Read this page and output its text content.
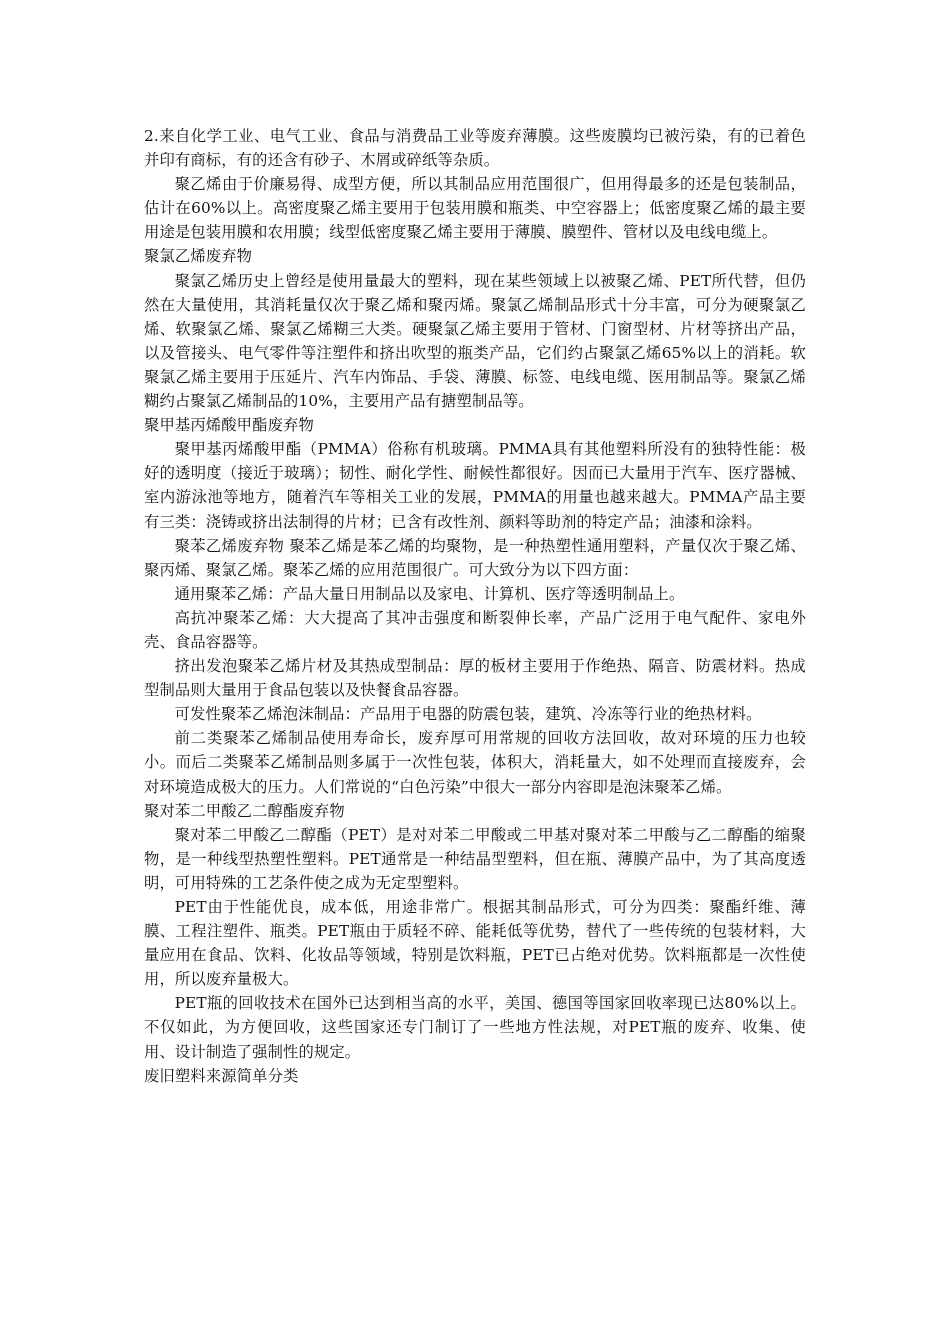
2.来自化学工业、电气工业、食品与消费品工业等废弃薄膜。这些废膜均已被污染，有的已着色并印有商标，有的还含有砂子、木屑或碎纸等杂质。

聚乙烯由于价廉易得、成型方便，所以其制品应用范围很广，但用得最多的还是包装制品，估计在60%以上。高密度聚乙烯主要用于包装用膜和瓶类、中空容器上；低密度聚乙烯的最主要用途是包装用膜和农用膜；线型低密度聚乙烯主要用于薄膜、膜塑件、管材以及电线电缆上。

聚氯乙烯废弃物

聚氯乙烯历史上曾经是使用量最大的塑料，现在某些领域上以被聚乙烯、PET所代替，但仍然在大量使用，其消耗量仅次于聚乙烯和聚丙烯。聚氯乙烯制品形式十分丰富，可分为硬聚氯乙烯、软聚氯乙烯、聚氯乙烯糊三大类。硬聚氯乙烯主要用于管材、门窗型材、片材等挤出产品，以及管接头、电气零件等注塑件和挤出吹型的瓶类产品，它们约占聚氯乙烯65%以上的消耗。软聚氯乙烯主要用于压延片、汽车内饰品、手袋、薄膜、标签、电线电缆、医用制品等。聚氯乙烯糊约占聚氯乙烯制品的10%，主要用产品有搪塑制品等。

聚甲基丙烯酸甲酯废弃物

聚甲基丙烯酸甲酯（PMMA）俗称有机玻璃。PMMA具有其他塑料所没有的独特性能：极好的透明度（接近于玻璃）；韧性、耐化学性、耐候性都很好。因而已大量用于汽车、医疗器械、室内游泳池等地方，随着汽车等相关工业的发展，PMMA的用量也越来越大。PMMA产品主要有三类：浇铸或挤出法制得的片材；已含有改性剂、颜料等助剂的特定产品；油漆和涂料。

聚苯乙烯废弃物 聚苯乙烯是苯乙烯的均聚物，是一种热塑性通用塑料，产量仅次于聚乙烯、聚丙烯、聚氯乙烯。聚苯乙烯的应用范围很广。可大致分为以下四方面：

通用聚苯乙烯：产品大量日用制品以及家电、计算机、医疗等透明制品上。

高抗冲聚苯乙烯：大大提高了其冲击强度和断裂伸长率，产品广泛用于电气配件、家电外壳、食品容器等。

挤出发泡聚苯乙烯片材及其热成型制品：厚的板材主要用于作绝热、隔音、防震材料。热成型制品则大量用于食品包装以及快餐食品容器。

可发性聚苯乙烯泡沫制品：产品用于电器的防震包装，建筑、冷冻等行业的绝热材料。

前二类聚苯乙烯制品使用寿命长，废弃厚可用常规的回收方法回收，故对环境的压力也较小。而后二类聚苯乙烯制品则多属于一次性包装，体积大，消耗量大，如不处理而直接废弃，会对环境造成极大的压力。人们常说的“白色污染”中很大一部分内容即是泡沫聚苯乙烯。

聚对苯二甲酸乙二醇酯废弃物

聚对苯二甲酸乙二醇酯（PET）是对对苯二甲酸或二甲基对聚对苯二甲酸与乙二醇酯的缩聚物，是一种线型热塑性塑料。PET通常是一种结晶型塑料，但在瓶、薄膜产品中，为了其高度透明，可用特殊的工艺条件使之成为无定型塑料。

PET由于性能优良，成本低，用途非常广。根据其制品形式，可分为四类：聚酯纤维、薄膜、工程注塑件、瓶类。PET瓶由于质轻不碎、能耗低等优势，替代了一些传统的包装材料，大量应用在食品、饮料、化妆品等领域，特别是饮料瓶，PET已占绝对优势。饮料瓶都是一次性使用，所以废弃量极大。

PET瓶的回收技术在国外已达到相当高的水平，美国、德国等国家回收率现已达80%以上。不仅如此，为方便回收，这些国家还专门制订了一些地方性法规，对PET瓶的废弃、收集、使用、设计制造了强制性的规定。

废旧塑料来源简单分类
